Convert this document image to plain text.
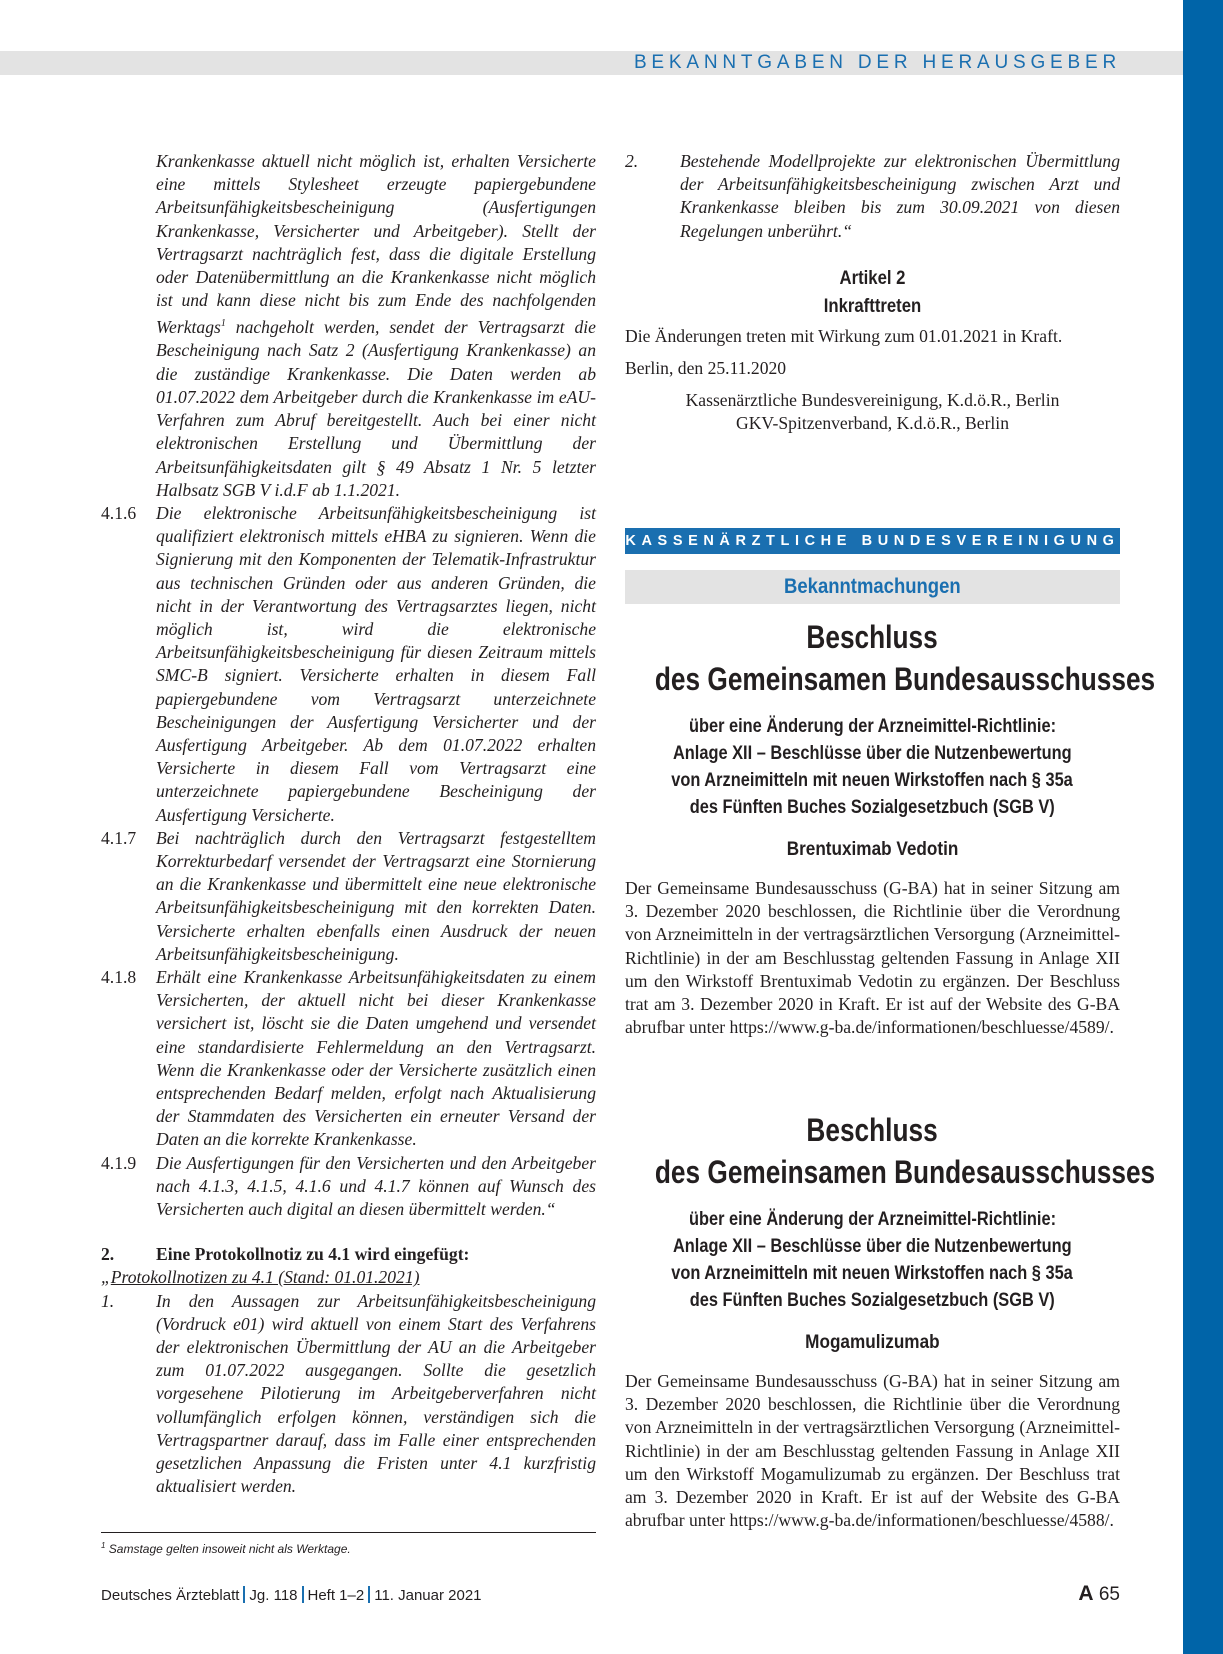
BEKANNTGABEN DER HERAUSGEBER

Krankenkasse aktuell nicht möglich ist, erhalten Versicherte eine mittels Stylesheet erzeugte papiergebundene Arbeitsunfähigkeitsbescheinigung (Ausfertigungen Krankenkasse, Versicherter und Arbeitgeber). Stellt der Vertragsarzt nachträglich fest, dass die digitale Erstellung oder Datenübermittlung an die Krankenkasse nicht möglich ist und kann diese nicht bis zum Ende des nachfolgenden Werktags$^1$ nachgeholt werden, sendet der Vertragsarzt die Bescheinigung nach Satz 2 (Ausfertigung Krankenkasse) an die zuständige Krankenkasse. Die Daten werden ab 01.07.2022 dem Arbeitgeber durch die Krankenkasse im eAU-Verfahren zum Abruf bereitgestellt. Auch bei einer nicht elektronischen Erstellung und Übermittlung der Arbeitsunfähigkeitsdaten gilt § 49 Absatz 1 Nr. 5 letzter Halbsatz SGB V i.d.F ab 1.1.2021.

4.1.6	Die elektronische Arbeitsunfähigkeitsbescheinigung ist qualifiziert elektronisch mittels eHBA zu signieren. Wenn die Signierung mit den Komponenten der Telematik-Infrastruktur aus technischen Gründen oder aus anderen Gründen, die nicht in der Verantwortung des Vertragsarztes liegen, nicht möglich ist, wird die elektronische Arbeitsunfähigkeitsbescheinigung für diesen Zeitraum mittels SMC-B signiert. Versicherte erhalten in diesem Fall papiergebundene vom Vertragsarzt unterzeichnete Bescheinigungen der Ausfertigung Versicherter und der Ausfertigung Arbeitgeber. Ab dem 01.07.2022 erhalten Versicherte in diesem Fall vom Vertragsarzt eine unterzeichnete papiergebundene Bescheinigung der Ausfertigung Versicherte.

4.1.7	Bei nachträglich durch den Vertragsarzt festgestelltem Korrekturbedarf versendet der Vertragsarzt eine Stornierung an die Krankenkasse und übermittelt eine neue elektronische Arbeitsunfähigkeitsbescheinigung mit den korrekten Daten. Versicherte erhalten ebenfalls einen Ausdruck der neuen Arbeitsunfähigkeitsbescheinigung.

4.1.8	Erhält eine Krankenkasse Arbeitsunfähigkeitsdaten zu einem Versicherten, der aktuell nicht bei dieser Krankenkasse versichert ist, löscht sie die Daten umgehend und versendet eine standardisierte Fehlermeldung an den Vertragsarzt. Wenn die Krankenkasse oder der Versicherte zusätzlich einen entsprechenden Bedarf melden, erfolgt nach Aktualisierung der Stammdaten des Versicherten ein erneuter Versand der Daten an die korrekte Krankenkasse.

4.1.9	Die Ausfertigungen für den Versicherten und den Arbeitgeber nach 4.1.3, 4.1.5, 4.1.6 und 4.1.7 können auf Wunsch des Versicherten auch digital an diesen übermittelt werden.“

2.	Eine Protokollnotiz zu 4.1 wird eingefügt:
„Protokollnotizen zu 4.1 (Stand: 01.01.2021)
1.	In den Aussagen zur Arbeitsunfähigkeitsbescheinigung (Vordruck e01) wird aktuell von einem Start des Verfahrens der elektronischen Übermittlung der AU an die Arbeitgeber zum 01.07.2022 ausgegangen. Sollte die gesetzlich vorgesehene Pilotierung im Arbeitgeberverfahren nicht vollumfänglich erfolgen können, verständigen sich die Vertragspartner darauf, dass im Falle einer entsprechenden gesetzlichen Anpassung die Fristen unter 4.1 kurzfristig aktualisiert werden.

$^1$ Samstage gelten insoweit nicht als Werktage.
2.	Bestehende Modellprojekte zur elektronischen Übermittlung der Arbeitsunfähigkeitsbescheinigung zwischen Arzt und Krankenkasse bleiben bis zum 30.09.2021 von diesen Regelungen unberührt.“

Artikel 2
Inkrafttreten

Die Änderungen treten mit Wirkung zum 01.01.2021 in Kraft.

Berlin, den 25.11.2020

Kassenärztliche Bundesvereinigung, K.d.ö.R., Berlin

GKV-Spitzenverband, K.d.ö.R., Berlin

KASSENÄRZTLICHE BUNDESVEREINIGUNG
Bekanntmachungen
Beschluss
des Gemeinsamen Bundesausschusses
über eine Änderung der Arzneimittel-Richtlinie:
Anlage XII – Beschlüsse über die Nutzenbewertung
von Arzneimitteln mit neuen Wirkstoffen nach § 35a
des Fünften Buches Sozialgesetzbuch (SGB V)
Brentuximab Vedotin

Der Gemeinsame Bundesausschuss (G-BA) hat in seiner Sitzung am 3. Dezember 2020 beschlossen, die Richtlinie über die Verordnung von Arzneimitteln in der vertragsärztlichen Versorgung (Arzneimittel-Richtlinie) in der am Beschlusstag geltenden Fassung in Anlage XII um den Wirkstoff Brentuximab Vedotin zu ergänzen. Der Beschluss trat am 3. Dezember 2020 in Kraft. Er ist auf der Website des G-BA abrufbar unter https://www.g-ba.de/informationen/beschluesse/4589/.

Beschluss
des Gemeinsamen Bundesausschusses
über eine Änderung der Arzneimittel-Richtlinie:
Anlage XII – Beschlüsse über die Nutzenbewertung
von Arzneimitteln mit neuen Wirkstoffen nach § 35a
des Fünften Buches Sozialgesetzbuch (SGB V)
Mogamulizumab

Der Gemeinsame Bundesausschuss (G-BA) hat in seiner Sitzung am 3. Dezember 2020 beschlossen, die Richtlinie über die Verordnung von Arzneimitteln in der vertragsärztlichen Versorgung (Arzneimittel-Richtlinie) in der am Beschlusstag geltenden Fassung in Anlage XII um den Wirkstoff Mogamulizumab zu ergänzen. Der Beschluss trat am 3. Dezember 2020 in Kraft. Er ist auf der Website des G-BA abrufbar unter https://www.g-ba.de/informationen/beschluesse/4588/.

Deutsches Ärzteblatt Jg. 118 Heft 1–2 11. Januar 2021	A 65
